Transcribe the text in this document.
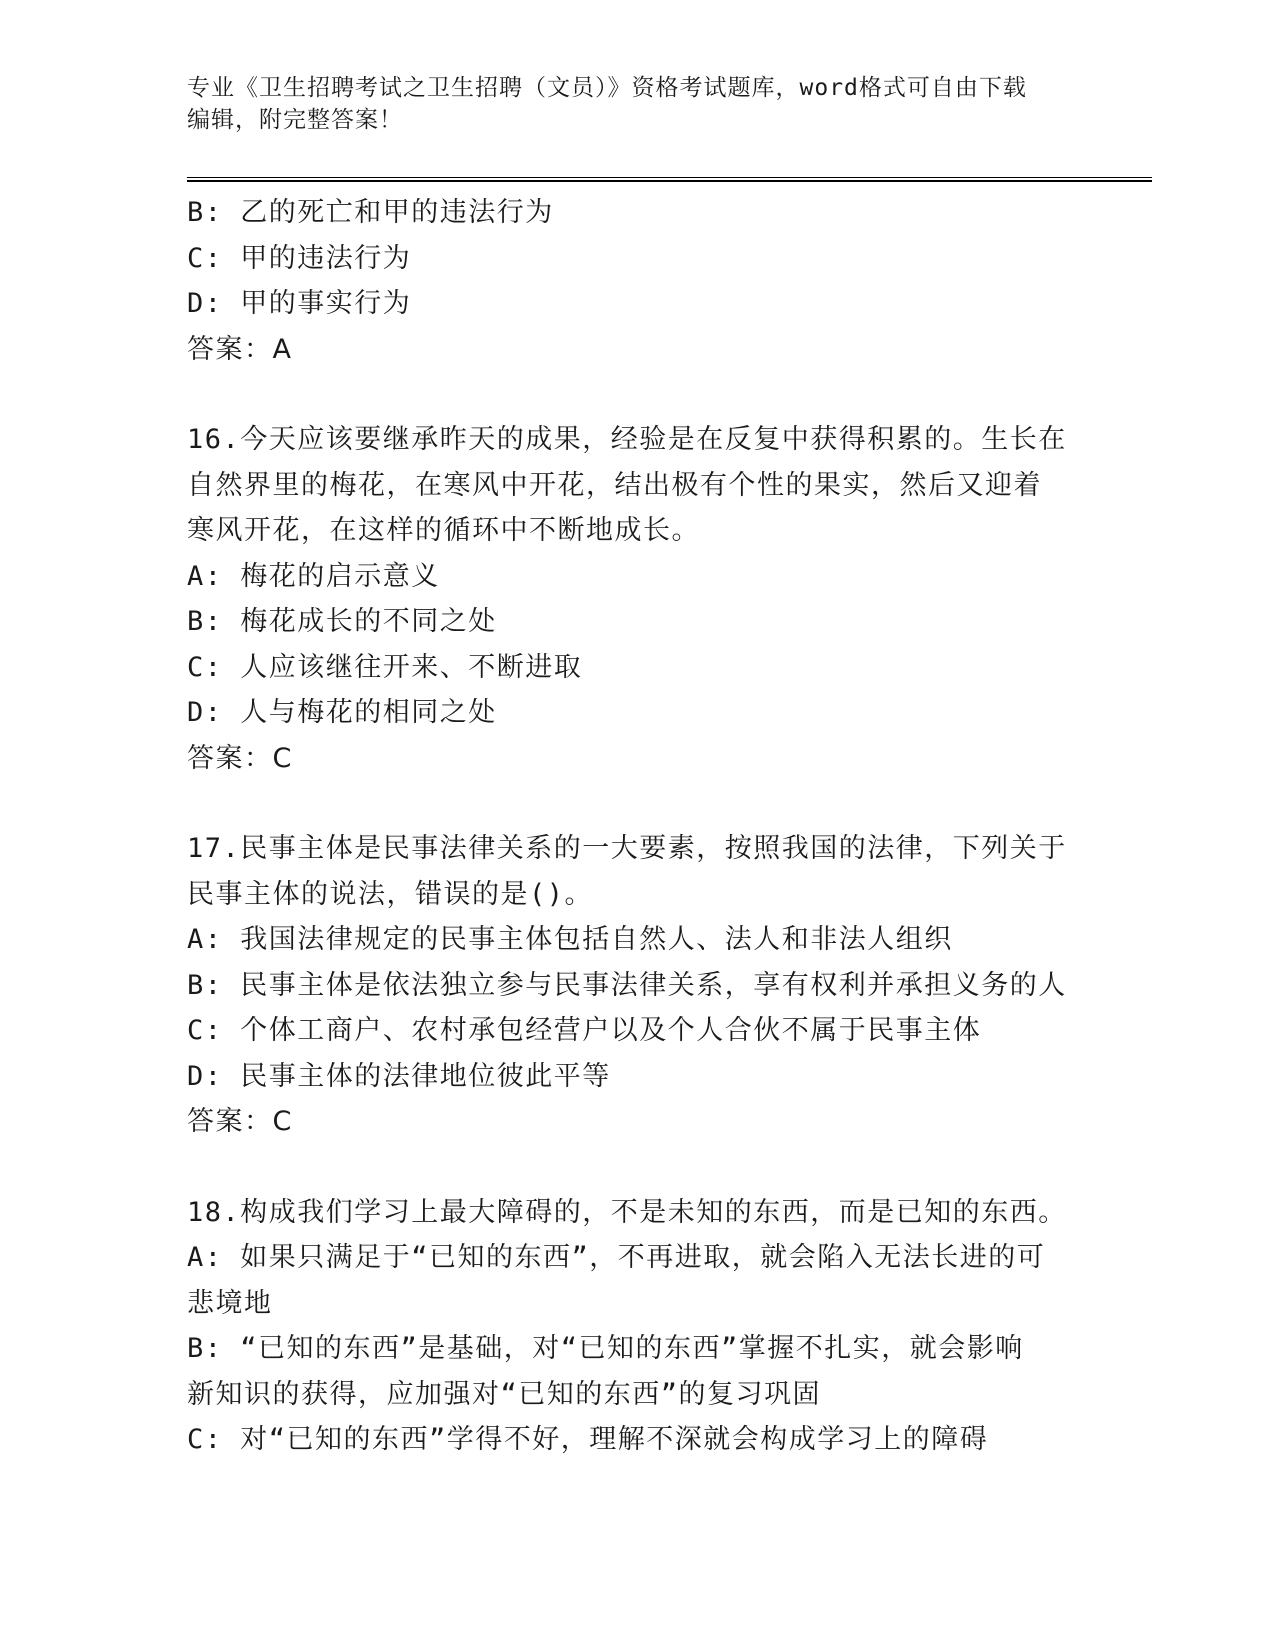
专业《卫生招聘考试之卫生招聘（文员）》资格考试题库，word格式可自由下载
编辑，附完整答案！
B: 乙的死亡和甲的违法行为
C: 甲的违法行为
D: 甲的事实行为
答案：A
16.今天应该要继承昨天的成果，经验是在反复中获得积累的。生长在
自然界里的梅花，在寒风中开花，结出极有个性的果实，然后又迎着
寒风开花，在这样的循环中不断地成长。
A: 梅花的启示意义
B: 梅花成长的不同之处
C: 人应该继往开来、不断进取
D: 人与梅花的相同之处
答案：C
17.民事主体是民事法律关系的一大要素，按照我国的法律，下列关于
民事主体的说法，错误的是()。
A: 我国法律规定的民事主体包括自然人、法人和非法人组织
B: 民事主体是依法独立参与民事法律关系，享有权利并承担义务的人
C: 个体工商户、农村承包经营户以及个人合伙不属于民事主体
D: 民事主体的法律地位彼此平等
答案：C
18.构成我们学习上最大障碍的，不是未知的东西，而是已知的东西。
A: 如果只满足于“已知的东西”，不再进取，就会陷入无法长进的可
悲境地
B: “已知的东西”是基础，对“已知的东西”掌握不扎实，就会影响
新知识的获得，应加强对“已知的东西”的复习巩固
C: 对“已知的东西”学得不好，理解不深就会构成学习上的障碍
